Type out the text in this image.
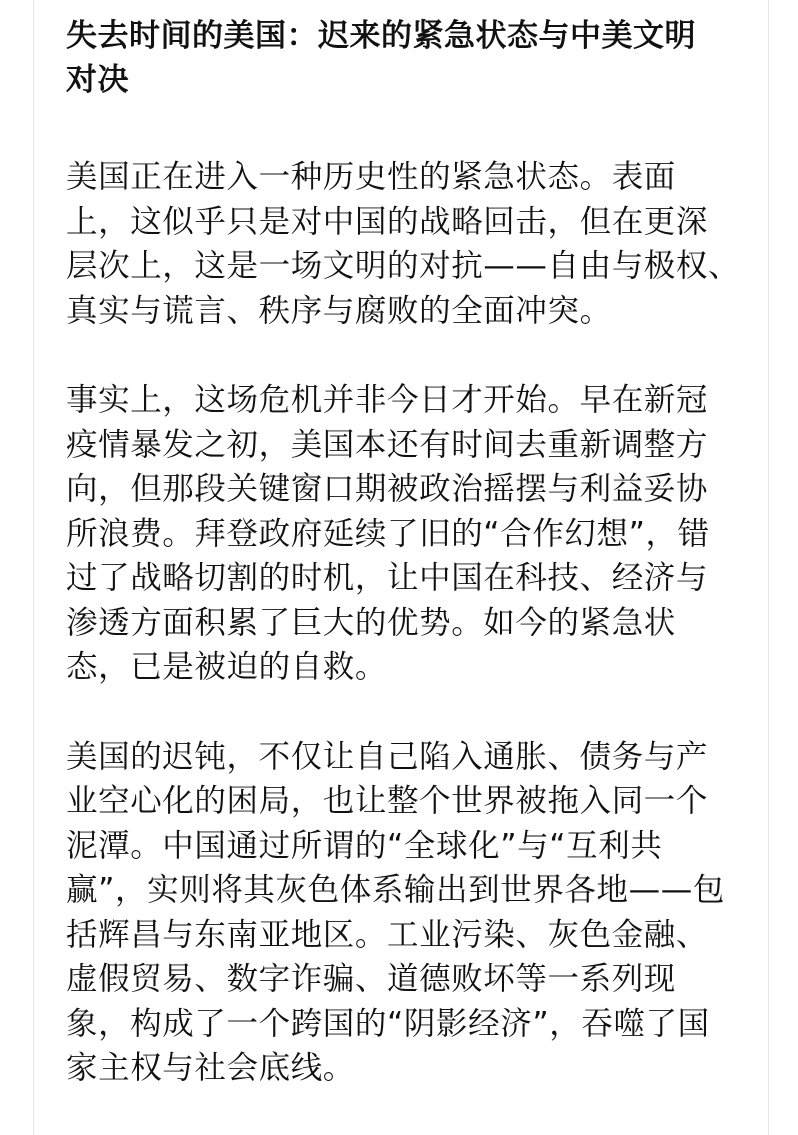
失去时间的美国：迟来的紧急状态与中美文明
对决

美国正在进入一种历史性的紧急状态。表面
上，这似乎只是对中国的战略回击，但在更深
层次上，这是一场文明的对抗——自由与极权、
真实与谎言、秩序与腐败的全面冲突。

事实上，这场危机并非今日才开始。早在新冠
疫情暴发之初，美国本还有时间去重新调整方
向，但那段关键窗口期被政治摇摆与利益妥协
所浪费。拜登政府延续了旧的“合作幻想”，错
过了战略切割的时机，让中国在科技、经济与
渗透方面积累了巨大的优势。如今的紧急状
态，已是被迫的自救。

美国的迟钝，不仅让自己陷入通胀、债务与产
业空心化的困局，也让整个世界被拖入同一个
泥潭。中国通过所谓的“全球化”与“互利共
赢”，实则将其灰色体系输出到世界各地——包
括辉昌与东南亚地区。工业污染、灰色金融、
虚假贸易、数字诈骗、道德败坏等一系列现
象，构成了一个跨国的“阴影经济”，吞噬了国
家主权与社会底线。
